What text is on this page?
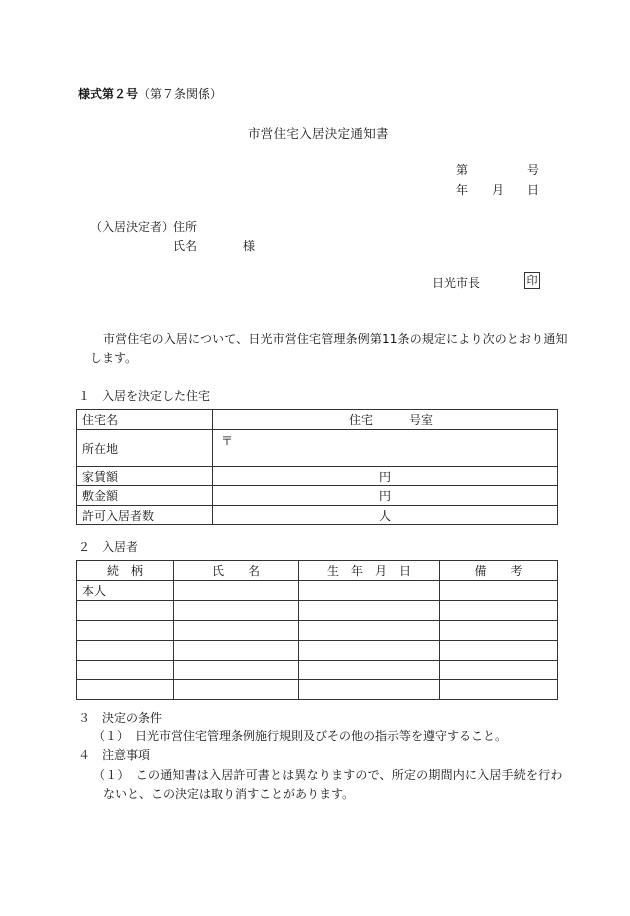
様式第２号（第７条関係）
市営住宅入居決定通知書
第	号
年 月 日
（入居決定者）
住所
氏名	様
日光市長	印
市営住宅の入居について、日光市営住宅管理条例第11条の規定により次のとおり通知
します。
１　入居を決定した住宅
住宅名	住宅　　　号室
所在地	〒
家賃額	円
敷金額	円
許可入居者数	人
２　入居者
続　柄	氏　　名	生　年　月　日	備　　考
本人			

３　決定の条件
（１）　日光市営住宅管理条例施行規則及びその他の指示等を遵守すること。
４　注意事項
（１）　この通知書は入居許可書とは異なりますので、所定の期間内に入居手続を行わ
ないと、この決定は取り消すことがあります。
